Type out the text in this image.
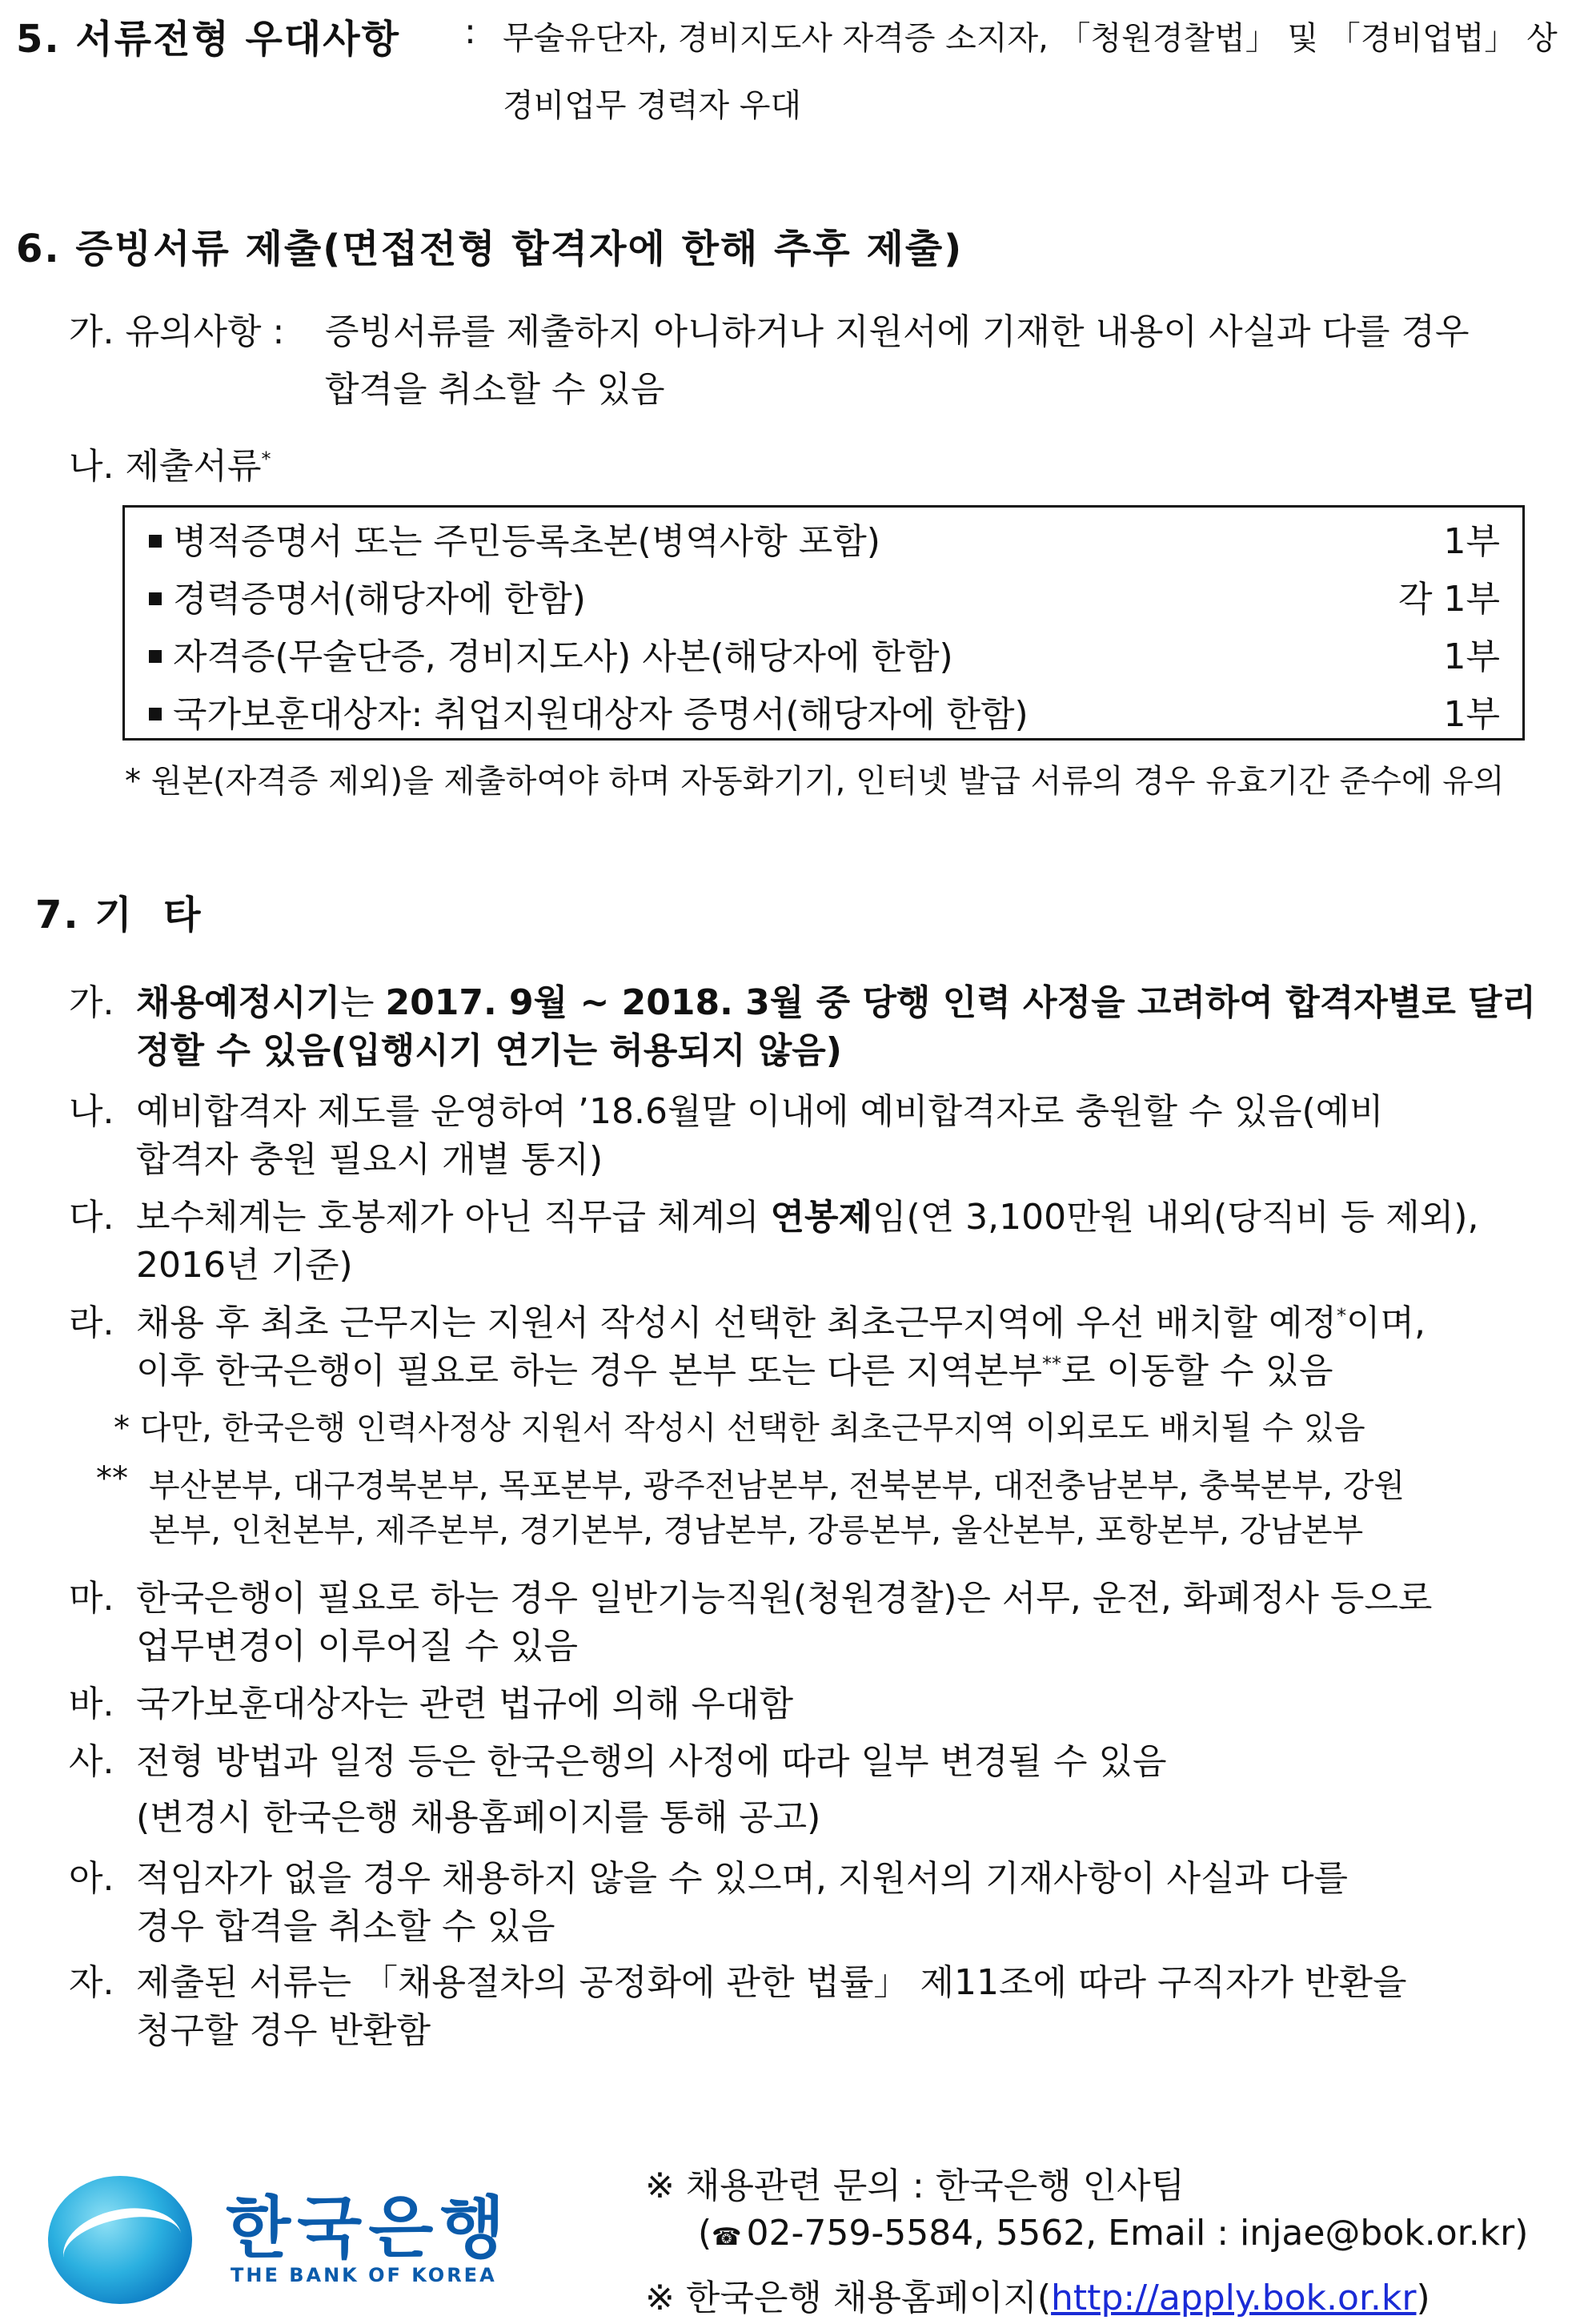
5. 서류전형 우대사항 : 무술유단자, 경비지도사 자격증 소지자, 「청원경찰법」 및 「경비업법」 상
경비업무 경력자 우대
6. 증빙서류 제출(면접전형 합격자에 한해 추후 제출)
가. 유의사항 : 증빙서류를 제출하지 아니하거나 지원서에 기재한 내용이 사실과 다를 경우
합격을 취소할 수 있음
나. 제출서류*
병적증명서 또는 주민등록초본(병역사항 포함)	1부
경력증명서(해당자에 한함)	각 1부
자격증(무술단증, 경비지도사) 사본(해당자에 한함)	1부
국가보훈대상자: 취업지원대상자 증명서(해당자에 한함)	1부
* 원본(자격증 제외)을 제출하여야 하며 자동화기기, 인터넷 발급 서류의 경우 유효기간 준수에 유의
7. 기  타
가. 채용예정시기는 2017. 9월 ~ 2018. 3월 중 당행 인력 사정을 고려하여 합격자별로 달리
정할 수 있음(입행시기 연기는 허용되지 않음)
나. 예비합격자 제도를 운영하여 ’18.6월말 이내에 예비합격자로 충원할 수 있음(예비
합격자 충원 필요시 개별 통지)
다. 보수체계는 호봉제가 아닌 직무급 체계의 연봉제임(연 3,100만원 내외(당직비 등 제외),
2016년 기준)
라. 채용 후 최초 근무지는 지원서 작성시 선택한 최초근무지역에 우선 배치할 예정*이며,
이후 한국은행이 필요로 하는 경우 본부 또는 다른 지역본부**로 이동할 수 있음
* 다만, 한국은행 인력사정상 지원서 작성시 선택한 최초근무지역 이외로도 배치될 수 있음
** 부산본부, 대구경북본부, 목포본부, 광주전남본부, 전북본부, 대전충남본부, 충북본부, 강원
본부, 인천본부, 제주본부, 경기본부, 경남본부, 강릉본부, 울산본부, 포항본부, 강남본부
마. 한국은행이 필요로 하는 경우 일반기능직원(청원경찰)은 서무, 운전, 화폐정사 등으로
업무변경이 이루어질 수 있음
바. 국가보훈대상자는 관련 법규에 의해 우대함
사. 전형 방법과 일정 등은 한국은행의 사정에 따라 일부 변경될 수 있음
(변경시 한국은행 채용홈페이지를 통해 공고)
아. 적임자가 없을 경우 채용하지 않을 수 있으며, 지원서의 기재사항이 사실과 다를
경우 합격을 취소할 수 있음
자. 제출된 서류는 「채용절차의 공정화에 관한 법률」 제11조에 따라 구직자가 반환을
청구할 경우 반환함
한국은행
THE BANK OF KOREA
※ 채용관련 문의 : 한국은행 인사팀
(☎ 02-759-5584, 5562, Email : injae@bok.or.kr)
※ 한국은행 채용홈페이지(http://apply.bok.or.kr)
